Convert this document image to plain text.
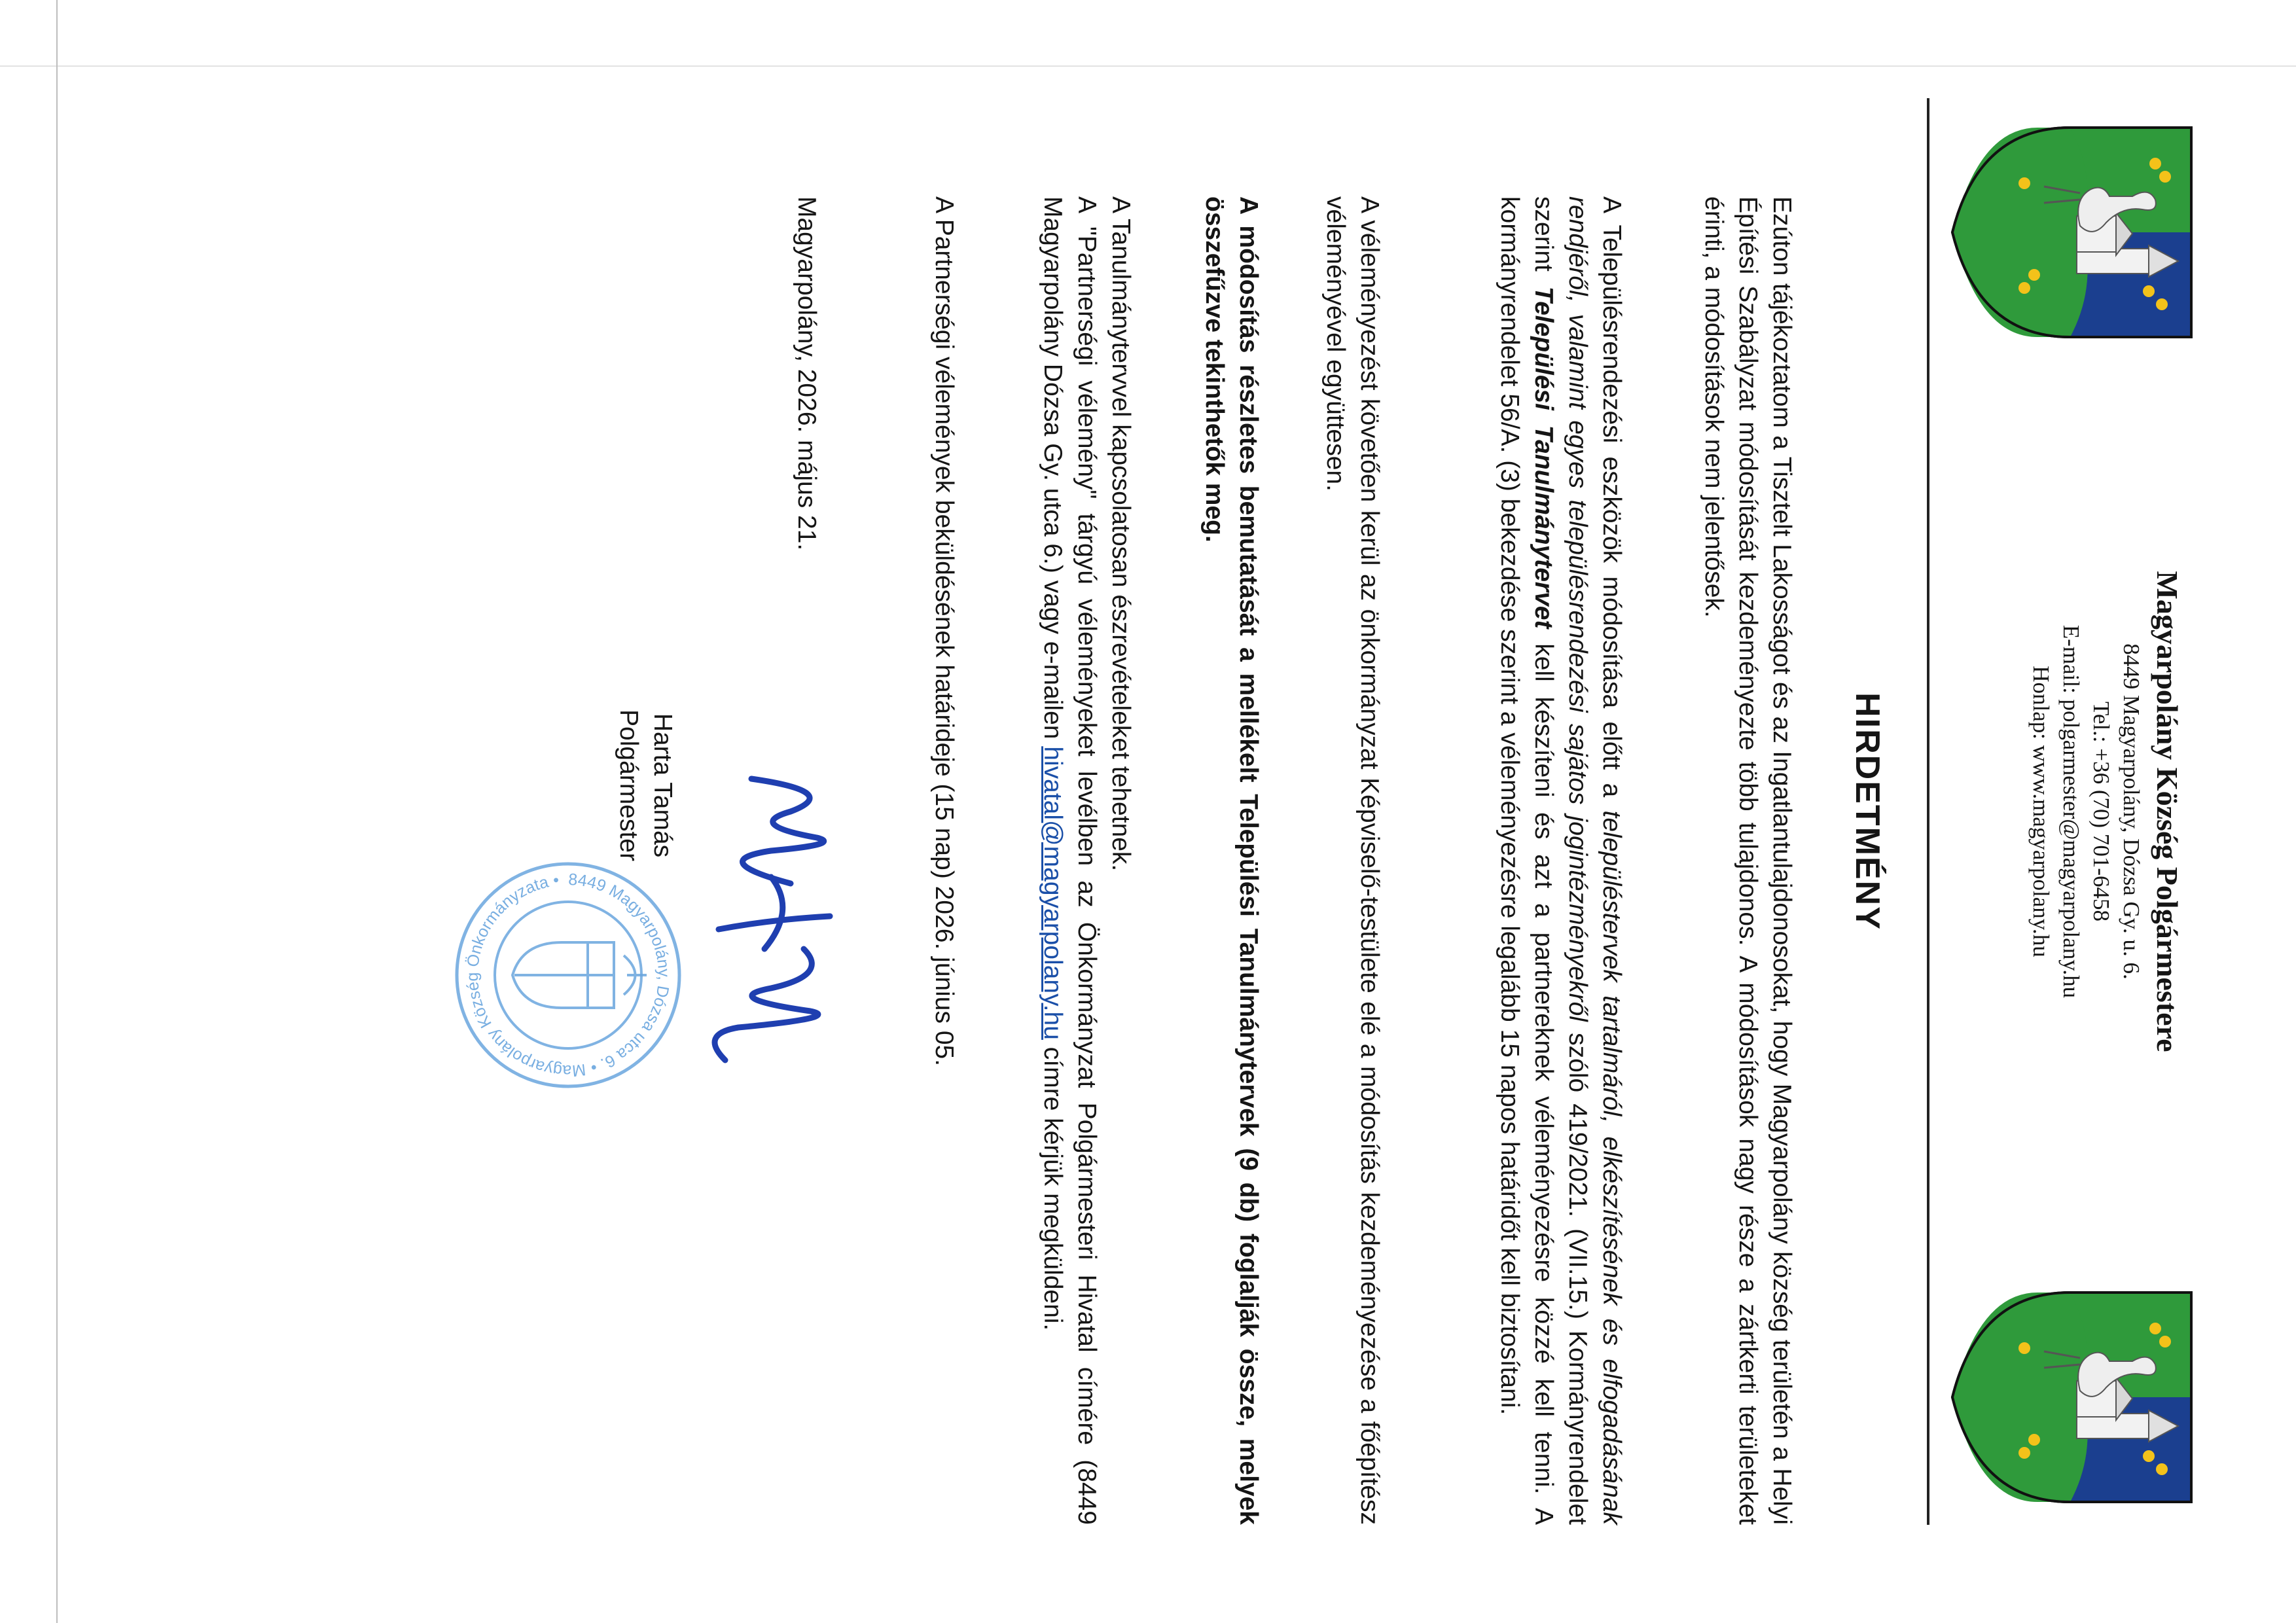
Magyarpolány Község Polgármestere
8449 Magyarpolány, Dózsa Gy. u. 6.
Tel.: +36 (70) 701-6458
E-mail: polgarmester@magyarpolany.hu
Honlap: www.magyarpolany.hu
HIRDETMÉNY
Ezúton tájékoztatom a Tisztelt Lakosságot és az Ingatlantulajdonosokat, hogy Magyarpolány község területén a Helyi Építési Szabályzat módosítását kezdeményezte több tulajdonos. A módosítások nagy része a zártkerti területeket érinti, a módosítások nem jelentősek.
A Településrendezési eszközök módosítása előtt a településtervek tartalmáról, elkészítésének és elfogadásának rendjéről, valamint egyes településrendezési sajátos jogintézményekről szóló 419/2021. (VII.15.) Kormányrendelet szerint Települési Tanulmánytervet kell készíteni és azt a partnereknek véleményezésre közzé kell tenni. A kormányrendelet 56/A. (3) bekezdése szerint a véleményezésre legalább 15 napos határidőt kell biztosítani.
A véleményezést követően kerül az önkormányzat Képviselő-testülete elé a módosítás kezdeményezése a főépítész véleményével együttesen.
A módosítás részletes bemutatását a mellékelt Települési Tanulmánytervek (9 db) foglalják össze, melyek összefűzve tekinthetők meg.
A Tanulmánytervvel kapcsolatosan észrevételeket tehetnek.
A "Partnerségi vélemény" tárgyú véleményeket levélben az Önkormányzat Polgármesteri Hivatal címére (8449 Magyarpolány Dózsa Gy. utca 6.) vagy e-mailen hivatal@magyarpolany.hu címre kérjük megküldeni.
A Partnerségi vélemények beküldésének határideje (15 nap) 2026. június 05.
Magyarpolány, 2026. május 21.
Harta Tamás
Polgármester
8449 Magyarpolány, Dózsa utca 6. • Magyarpolány Község Önkormányzata •
